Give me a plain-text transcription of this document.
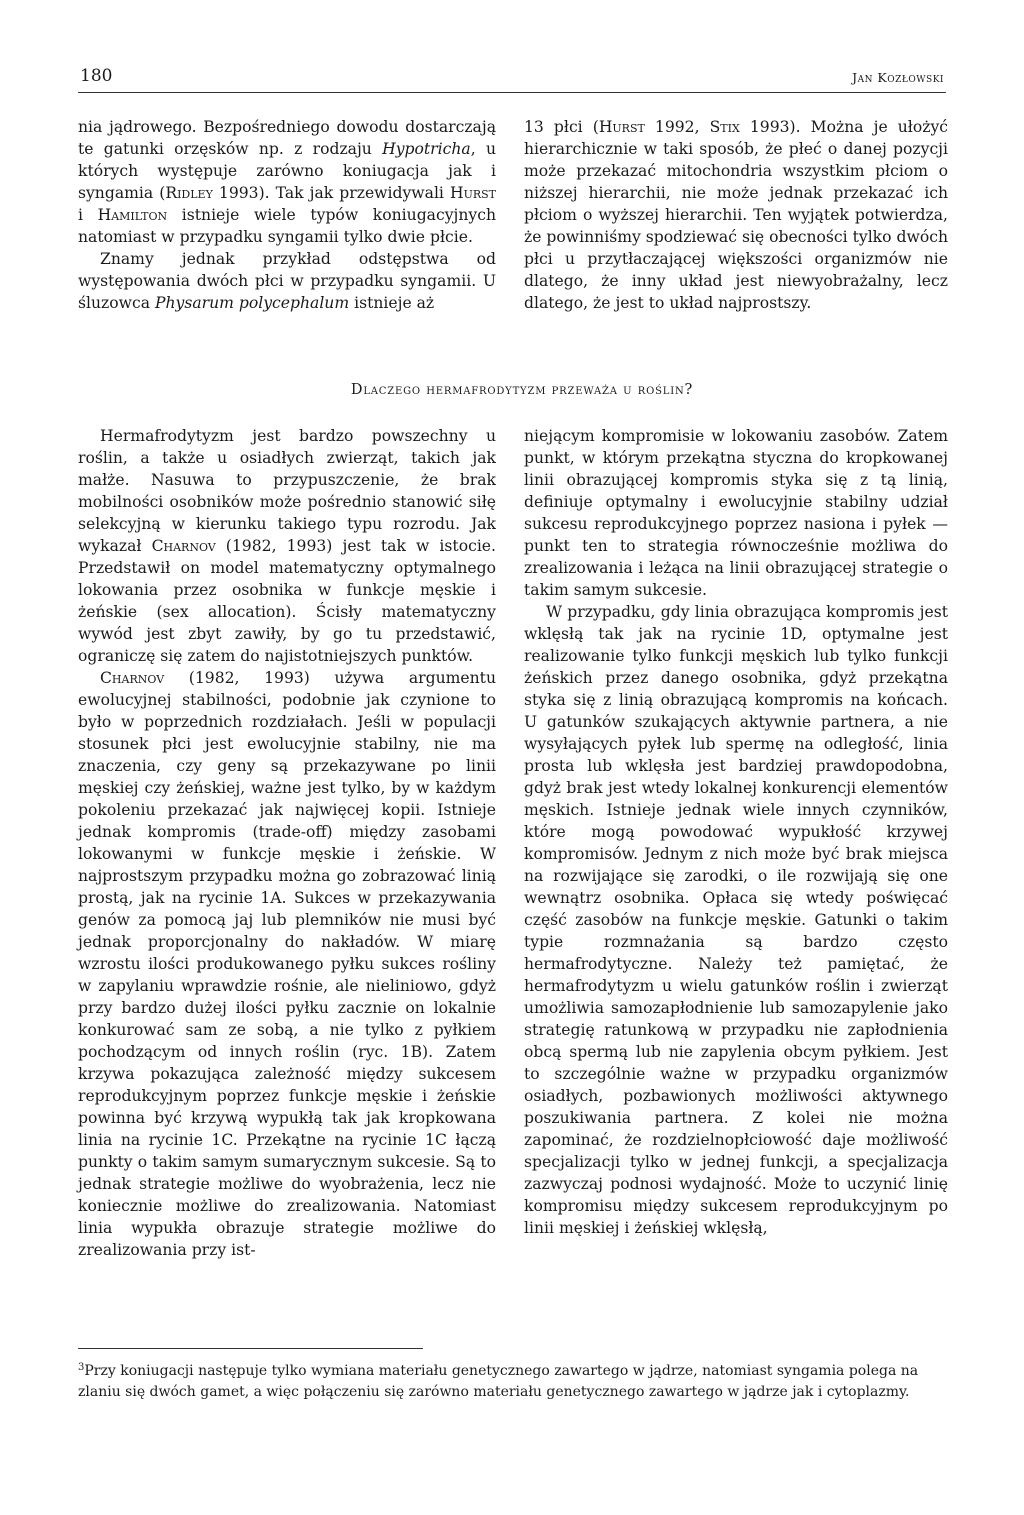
180	Jan Kozłowski

nia jądrowego. Bezpośredniego dowodu dostarczają te gatunki orzęsków np. z rodzaju Hypotricha, u których występuje zarówno koniugacja jak i syngamia (Ridley 1993). Tak jak przewidywali Hurst i Hamilton istnieje wiele typów koniugacyjnych natomiast w przypadku syngamii tylko dwie płcie.

Znamy jednak przykład odstępstwa od występowania dwóch płci w przypadku syngamii. U śluzowca Physarum polycephalum istnieje aż

13 płci (Hurst 1992, Stix 1993). Można je ułożyć hierarchicznie w taki sposób, że płeć o danej pozycji może przekazać mitochondria wszystkim płciom o niższej hierarchii, nie może jednak przekazać ich płciom o wyższej hierarchii. Ten wyjątek potwierdza, że powinniśmy spodziewać się obecności tylko dwóch płci u przytłaczającej większości organizmów nie dlatego, że inny układ jest niewyobrażalny, lecz dlatego, że jest to układ najprostszy.

Dlaczego hermafrodytyzm przeważa u roślin?

Hermafrodytyzm jest bardzo powszechny u roślin, a także u osiadłych zwierząt, takich jak małże. Nasuwa to przypuszczenie, że brak mobilności osobników może pośrednio stanowić siłę selekcyjną w kierunku takiego typu rozrodu. Jak wykazał Charnov (1982, 1993) jest tak w istocie. Przedstawił on model matematyczny optymalnego lokowania przez osobnika w funkcje męskie i żeńskie (sex allocation). Ścisły matematyczny wywód jest zbyt zawiły, by go tu przedstawić, ograniczę się zatem do najistotniejszych punktów.

Charnov (1982, 1993) używa argumentu ewolucyjnej stabilności, podobnie jak czynione to było w poprzednich rozdziałach. Jeśli w populacji stosunek płci jest ewolucyjnie stabilny, nie ma znaczenia, czy geny są przekazywane po linii męskiej czy żeńskiej, ważne jest tylko, by w każdym pokoleniu przekazać jak najwięcej kopii. Istnieje jednak kompromis (trade-off) między zasobami lokowanymi w funkcje męskie i żeńskie. W najprostszym przypadku można go zobrazować linią prostą, jak na rycinie 1A. Sukces w przekazywania genów za pomocą jaj lub plemników nie musi być jednak proporcjonalny do nakładów. W miarę wzrostu ilości produkowanego pyłku sukces rośliny w zapylaniu wprawdzie rośnie, ale nieliniowo, gdyż przy bardzo dużej ilości pyłku zacznie on lokalnie konkurować sam ze sobą, a nie tylko z pyłkiem pochodzącym od innych roślin (ryc. 1B). Zatem krzywa pokazująca zależność między sukcesem reprodukcyjnym poprzez funkcje męskie i żeńskie powinna być krzywą wypukłą tak jak kropkowana linia na rycinie 1C. Przekątne na rycinie 1C łączą punkty o takim samym sumarycznym sukcesie. Są to jednak strategie możliwe do wyobrażenia, lecz nie koniecznie możliwe do zrealizowania. Natomiast linia wypukła obrazuje strategie możliwe do zrealizowania przy ist-

niejącym kompromisie w lokowaniu zasobów. Zatem punkt, w którym przekątna styczna do kropkowanej linii obrazującej kompromis styka się z tą linią, definiuje optymalny i ewolucyjnie stabilny udział sukcesu reprodukcyjnego poprzez nasiona i pyłek — punkt ten to strategia równocześnie możliwa do zrealizowania i leżąca na linii obrazującej strategie o takim samym sukcesie.

W przypadku, gdy linia obrazująca kompromis jest wklęsłą tak jak na rycinie 1D, optymalne jest realizowanie tylko funkcji męskich lub tylko funkcji żeńskich przez danego osobnika, gdyż przekątna styka się z linią obrazującą kompromis na końcach. U gatunków szukających aktywnie partnera, a nie wysyłających pyłek lub spermę na odległość, linia prosta lub wklęsła jest bardziej prawdopodobna, gdyż brak jest wtedy lokalnej konkurencji elementów męskich. Istnieje jednak wiele innych czynników, które mogą powodować wypukłość krzywej kompromisów. Jednym z nich może być brak miejsca na rozwijające się zarodki, o ile rozwijają się one wewnątrz osobnika. Opłaca się wtedy poświęcać część zasobów na funkcje męskie. Gatunki o takim typie rozmnażania są bardzo często hermafrodytyczne. Należy też pamiętać, że hermafrodytyzm u wielu gatunków roślin i zwierząt umożliwia samozapłodnienie lub samozapylenie jako strategię ratunkową w przypadku nie zapłodnienia obcą spermą lub nie zapylenia obcym pyłkiem. Jest to szczególnie ważne w przypadku organizmów osiadłych, pozbawionych możliwości aktywnego poszukiwania partnera. Z kolei nie można zapominać, że rozdzielnopłciowość daje możliwość specjalizacji tylko w jednej funkcji, a specjalizacja zazwyczaj podnosi wydajność. Może to uczynić linię kompromisu między sukcesem reprodukcyjnym po linii męskiej i żeńskiej wklęsłą,

$^3$Przy koniugacji następuje tylko wymiana materiału genetycznego zawartego w jądrze, natomiast syngamia polega na zlaniu się dwóch gamet, a więc połączeniu się zarówno materiału genetycznego zawartego w jądrze jak i cytoplazmy.
